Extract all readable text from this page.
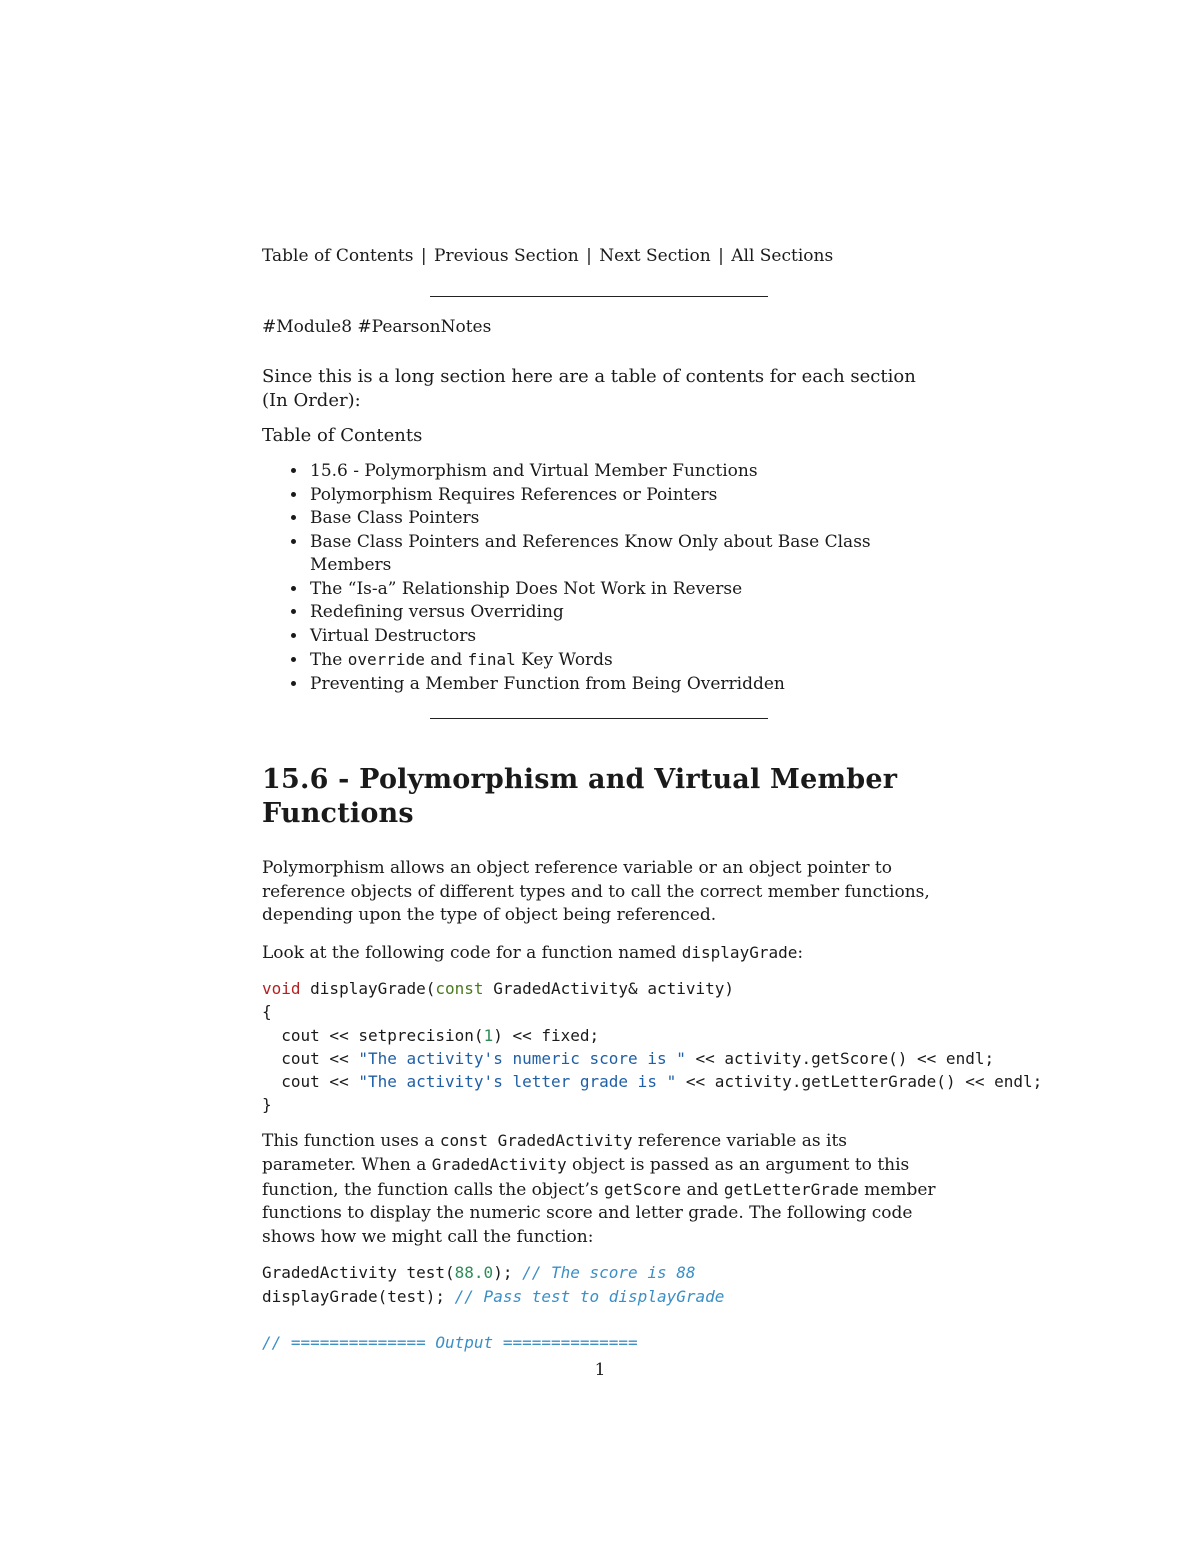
Table of Contents | Previous Section | Next Section | All Sections
#Module8 #PearsonNotes
Since this is a long section here are a table of contents for each section (In Order):
Table of Contents
• 15.6 - Polymorphism and Virtual Member Functions
• Polymorphism Requires References or Pointers
• Base Class Pointers
• Base Class Pointers and References Know Only about Base Class Members
• The “Is-a” Relationship Does Not Work in Reverse
• Redefining versus Overriding
• Virtual Destructors
• The override and final Key Words
• Preventing a Member Function from Being Overridden
15.6 - Polymorphism and Virtual Member Functions

Polymorphism allows an object reference variable or an object pointer to reference objects of different types and to call the correct member functions, depending upon the type of object being referenced.

Look at the following code for a function named displayGrade:

void displayGrade(const GradedActivity& activity)
{
cout << setprecision(1) << fixed;
cout << "The activity's numeric score is " << activity.getScore() << endl;
cout << "The activity's letter grade is " << activity.getLetterGrade() << endl;
}

This function uses a const GradedActivity reference variable as its parameter. When a GradedActivity object is passed as an argument to this function, the function calls the object’s getScore and getLetterGrade member functions to display the numeric score and letter grade. The following code shows how we might call the function:

GradedActivity test(88.0); // The score is 88
displayGrade(test); // Pass test to displayGrade

// ============== Output ==============
1
